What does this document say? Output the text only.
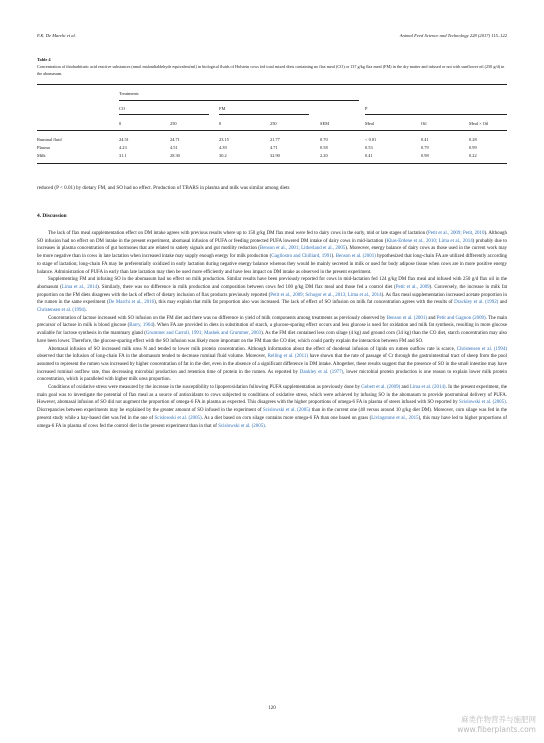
F.K. De Marchi et al.	Animal Feed Science and Technology 228 (2017) 115–122
Table 4
Concentration of thiobarbituric acid reactive substances (nmol malondialdehyde equivalent/ml) in biological fluids of Holstein cows fed total mixed diets containing no flax meal (CO) or 137 g/kg flax meal (FM) in the dry matter and infused or not with sunflower oil (250 g/d) in the abomasum.
Treatments
CO	FM	P
0	250	0	250	SEM	Meal	Oil	Meal × Oil
Ruminal fluid	24.51	24.71	23.15	21.77	0.70	< 0.01	0.41	0.28
Plasma	4.23	4.51	4.39	4.71	0.58	0.53	0.79	0.99
Milk	31.1	28.30	30.2	32.90	2.20	0.41	0.98	0.22
reduced (P < 0.01) by dietary FM, and SO had no effect. Production of TBARS in plasma and milk was similar among diets
4. Discussion

The lack of flax meal supplementation effect on DM intake agrees with previous results where up to 150 g/kg DM flax meal were fed to dairy cows in the early, mid or late stages of lactation (Petit et al., 2009; Petit, 2010). Although SO infusion had no effect on DM intake in the present experiment, abomasal infusion of PUFA or feeding protected PUFA lowered DM intake of dairy cows in mid-lactation (Khas-Erdene et al., 2010; Lima et al., 2014) probably due to increases in plasma concentration of gut hormones that are related to satiety signals and gut motility reduction (Benson et al., 2001; Litherland et al., 2005). Moreover, energy balance of dairy cows as those used in the current work may be more negative than in cows in late lactation when increased intake may supply enough energy for milk production (Gagliostro and Chilliard, 1991). Benson et al. (2001) hypothesized that long-chain FA are utilized differently according to stage of lactation; long-chain FA may be preferentially oxidized in early lactation during negative energy balance whereas they would be mainly secreted in milk or used for body adipose tissue when cows are in more positive energy balance. Administration of PUFA in early than late lactation may then be used more efficiently and have less impact on DM intake as observed in the present experiment.

Supplementing FM and infusing SO in the abomasum had no effect on milk production. Similar results have been previously reported for cows in mid-lactation fed 124 g/kg DM flax meal and infused with 250 g/d flax oil in the abomasum (Lima et al., 2014). Similarly, there was no difference in milk production and composition between cows fed 100 g/kg DM flax meal and those fed a control diet (Petit et al., 2009). Conversely, the increase in milk fat proportion on the FM diets disagrees with the lack of effect of dietary inclusion of flax products previously reported (Petit et al., 2009; Schogor et al., 2013; Lima et al., 2014). As flax meal supplementation increased acetate proportion in the rumen in the same experiment (De Marchi et al., 2016), this may explain that milk fat proportion also was increased. The lack of effect of SO infusion on milk fat concentration agrees with the results of Drackley et al. (1992) and Christensen et al. (1994).

Concentration of lactose increased with SO infusion on the FM diet and there was no difference in yield of milk components among treatments as previously observed by Benson et al. (2001) and Petit and Gagnon (2009). The main precursor of lactose in milk is blood glucose (Barry, 1964). When FA are provided in diets in substitution of starch, a glucose-sparing effect occurs and less glucose is used for oxidation and milk fat synthesis, resulting in more glucose available for lactose synthesis in the mammary gland (Grummer and Carroll, 1991; Mashek and Grummer, 2003). As the FM diet contained less corn silage (4 kg) and ground corn (34 kg) than the CO diet, starch concentration may also have been lower. Therefore, the glucose-sparing effect with the SO infusion was likely more important on the FM than the CO diet, which could partly explain the interaction between FM and SO.

Abomasal infusion of SO increased milk urea N and tended to lower milk protein concentration. Although information about the effect of duodenal infusion of lipids on rumen outflow rate is scarce, Christensen et al. (1994) observed that the infusion of long-chain FA in the abomasum tended to decrease ruminal fluid volume. Moreover, Relling et al. (2011) have shown that the rate of passage of Cr through the gastrointestinal tract of sheep from the pool assumed to represent the rumen was increased by higher concentration of fat in the diet, even in the absence of a significant difference in DM intake. Altogether, these results suggest that the presence of SO in the small intestine may have increased ruminal outflow rate, thus decreasing microbial production and retention time of protein in the rumen. As reported by Dankley et al. (1977), lower microbial protein production is one reason to explain lower milk protein concentration, which is paralleled with higher milk urea proportion.

Conditions of oxidative stress were measured by the increase in the susceptibility to lipoperoxidation following PUFA supplementation as previously done by Gobert et al. (2009) and Lima et al. (2014). In the present experiment, the main goal was to investigate the potential of flax meal as a source of antioxidants to cows subjected to conditions of oxidative stress, which were achieved by infusing SO in the abomasum to provide postruminal delivery of PUFA. However, abomasal infusion of SO did not augment the proportion of omega-6 FA in plasma as expected. This disagrees with the higher proportions of omega-6 FA in plasma of steers infused with SO reported by Scislowski et al. (2005). Discrepancies between experiments may be explained by the greater amount of SO infused in the experiment of Scislowski et al. (2005) than in the current one (40 versus around 10 g/kg diet DM). Moreover, corn silage was fed in the present study while a hay-based diet was fed in the one of Scislowski et al. (2005). As a diet based on corn silage contains more omega-6 FA than one based on grass (Livingstone et al., 2015), this may have led to higher proportions of omega-6 FA in plasma of cows fed the control diet in the present experiment than in that of Scislowski et al. (2005).

120
麻类作物营养与施肥网
www.fiberplants.com
